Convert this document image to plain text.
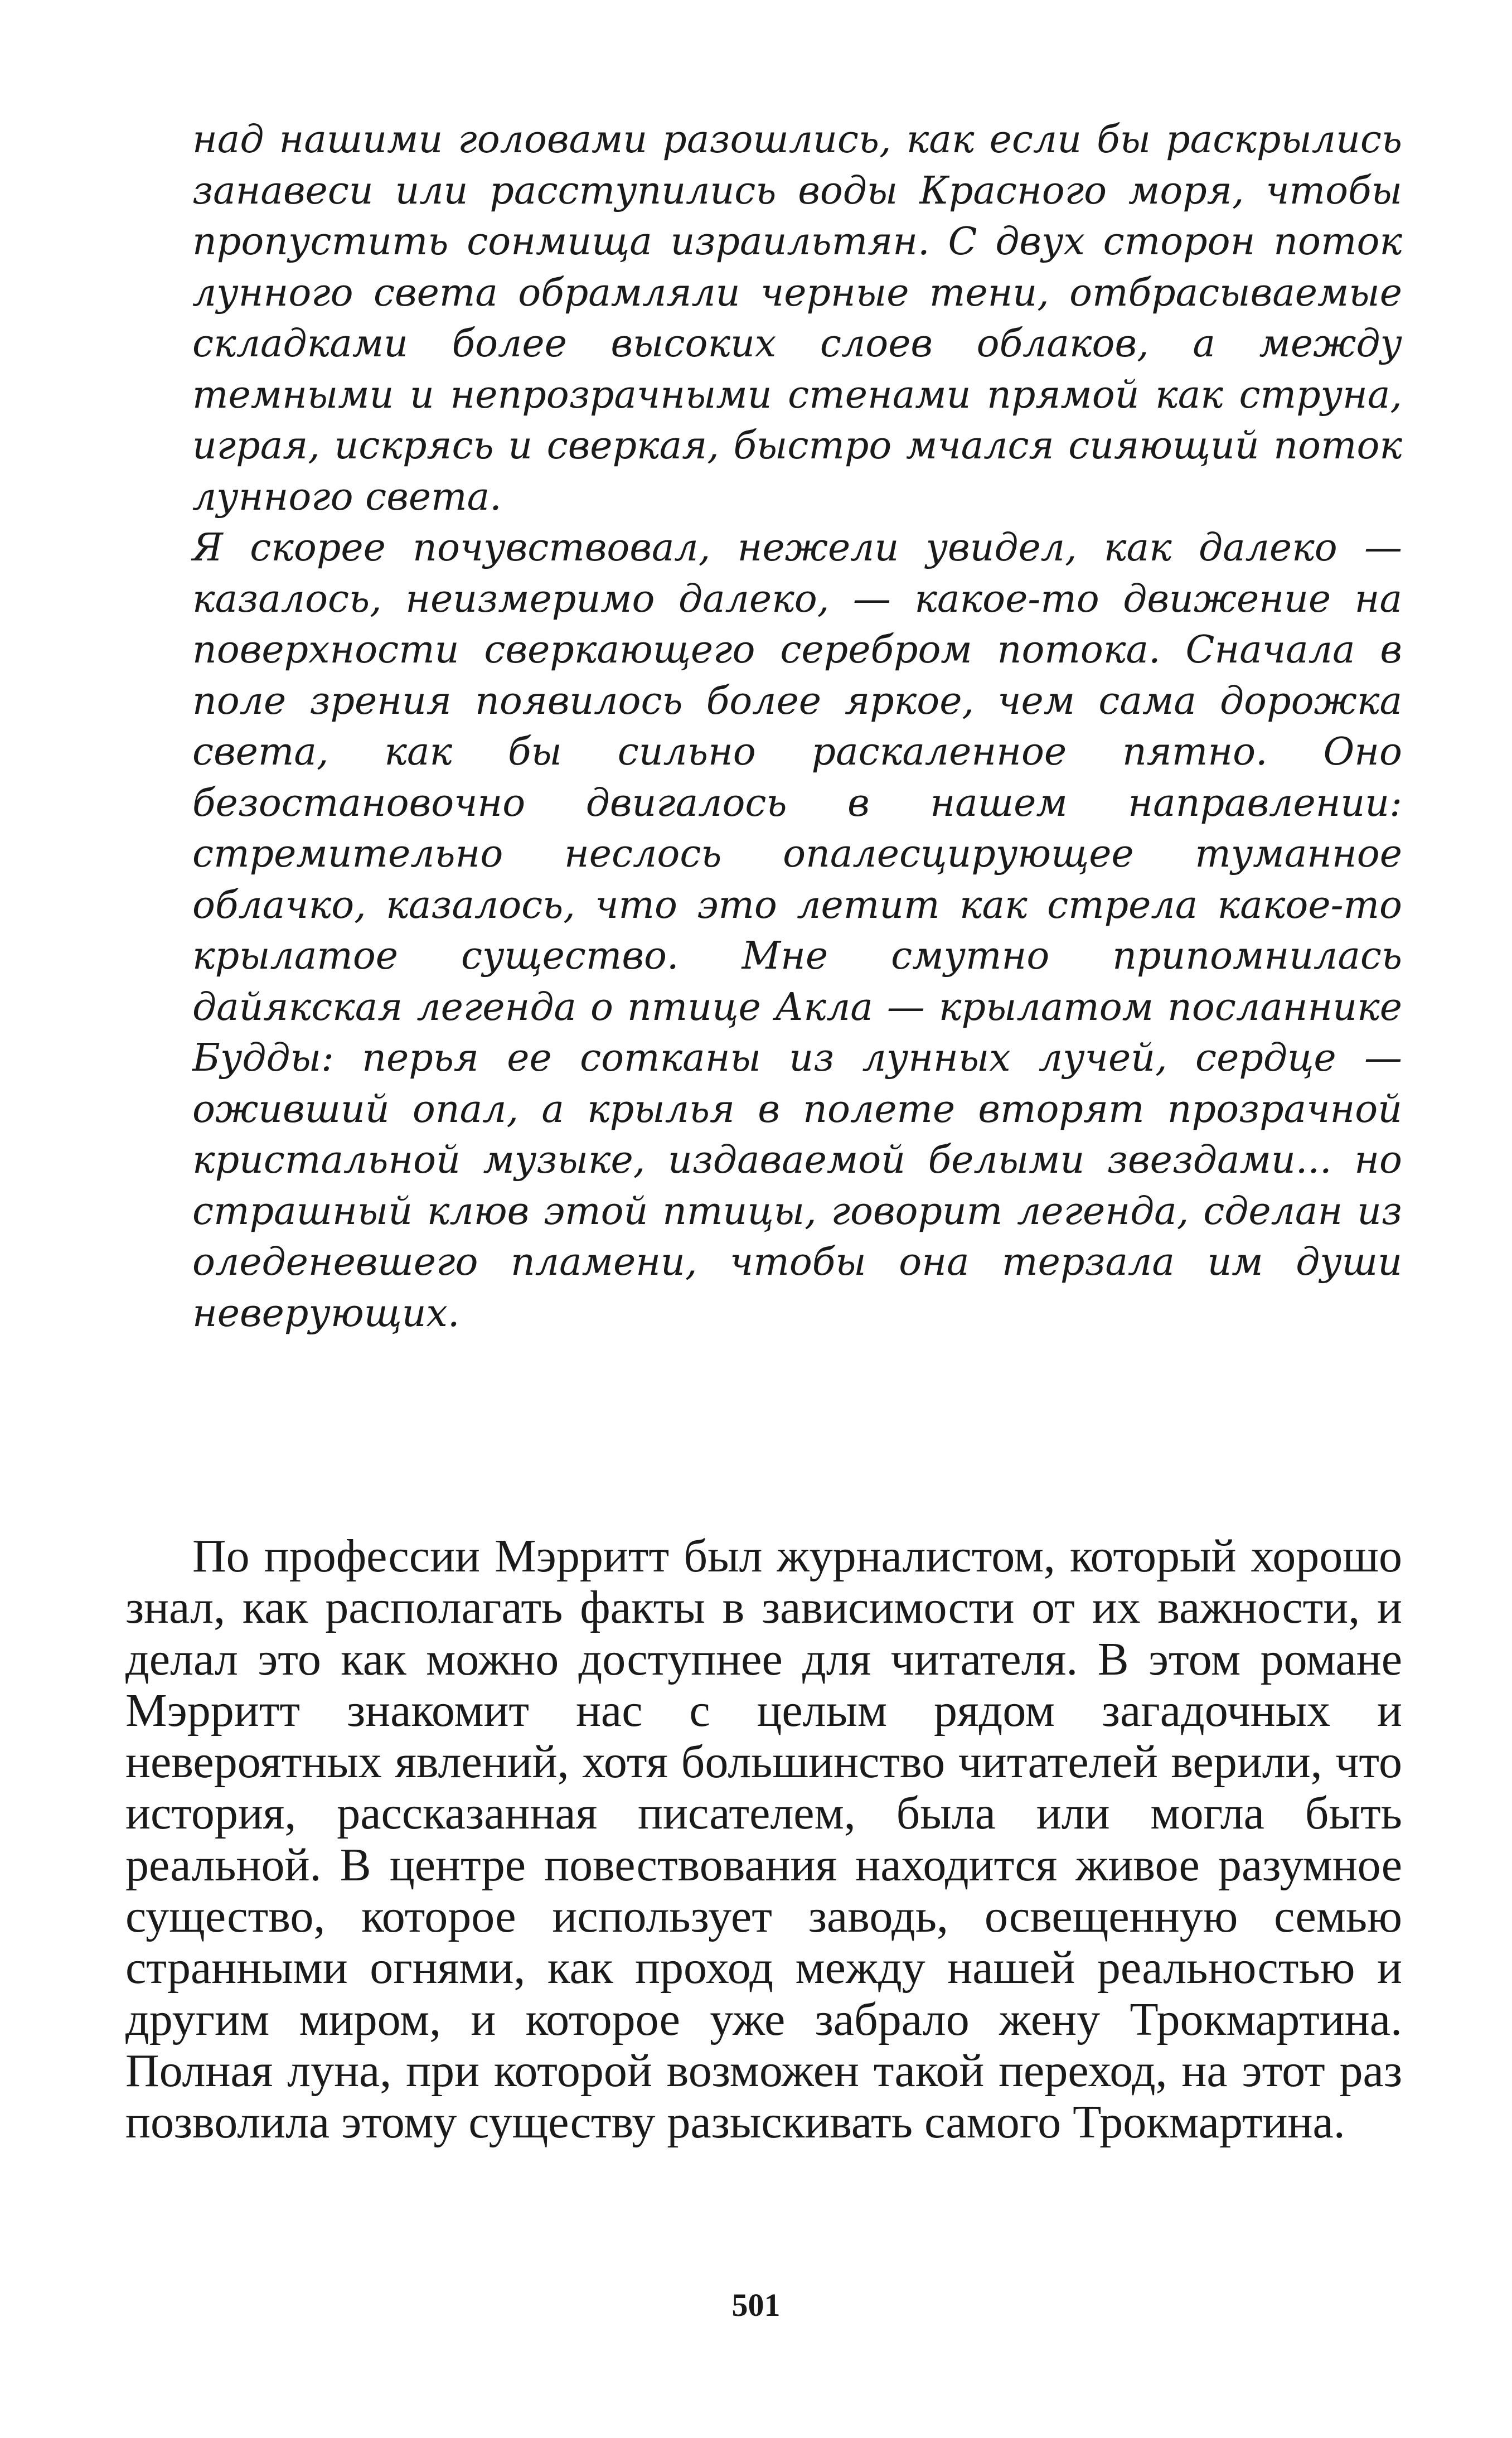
над нашими головами разошлись, как если бы раскрылись занавеси или расступились воды Красного моря, чтобы пропустить сонмища израильтян. С двух сторон поток лунного света обрамляли черные тени, отбрасываемые складками более высоких слоев облаков, а между темными и непрозрачными стенами прямой как струна, играя, искрясь и сверкая, быстро мчался сияющий поток лунного света.

Я скорее почувствовал, нежели увидел, как далеко — казалось, неизмеримо далеко, — какое-то движение на поверхности сверкающего серебром потока. Сначала в поле зрения появилось более яркое, чем сама дорожка света, как бы сильно раскаленное пятно. Оно безостановочно двигалось в нашем направлении: стремительно неслось опалесцирующее туманное облачко, казалось, что это летит как стрела какое-то крылатое существо. Мне смутно припомнилась дайякская легенда о птице Акла — крылатом посланнике Будды: перья ее сотканы из лунных лучей, сердце — оживший опал, а крылья в полете вторят прозрачной кристальной музыке, издаваемой белыми звездами... но страшный клюв этой птицы, говорит легенда, сделан из оледеневшего пламени, чтобы она терзала им души неверующих.

По профессии Мэрритт был журналистом, который хорошо знал, как располагать факты в зависимости от их важности, и делал это как можно доступнее для читателя. В этом романе Мэрритт знакомит нас с целым рядом загадочных и невероятных явлений, хотя большинство читателей верили, что история, рассказанная писателем, была или могла быть реальной. В центре повествования находится живое разумное существо, которое использует заводь, освещенную семью странными огнями, как проход между нашей реальностью и другим миром, и которое уже забрало жену Трокмартина. Полная луна, при которой возможен такой переход, на этот раз позволила этому существу разыскивать самого Трокмартина.

501
